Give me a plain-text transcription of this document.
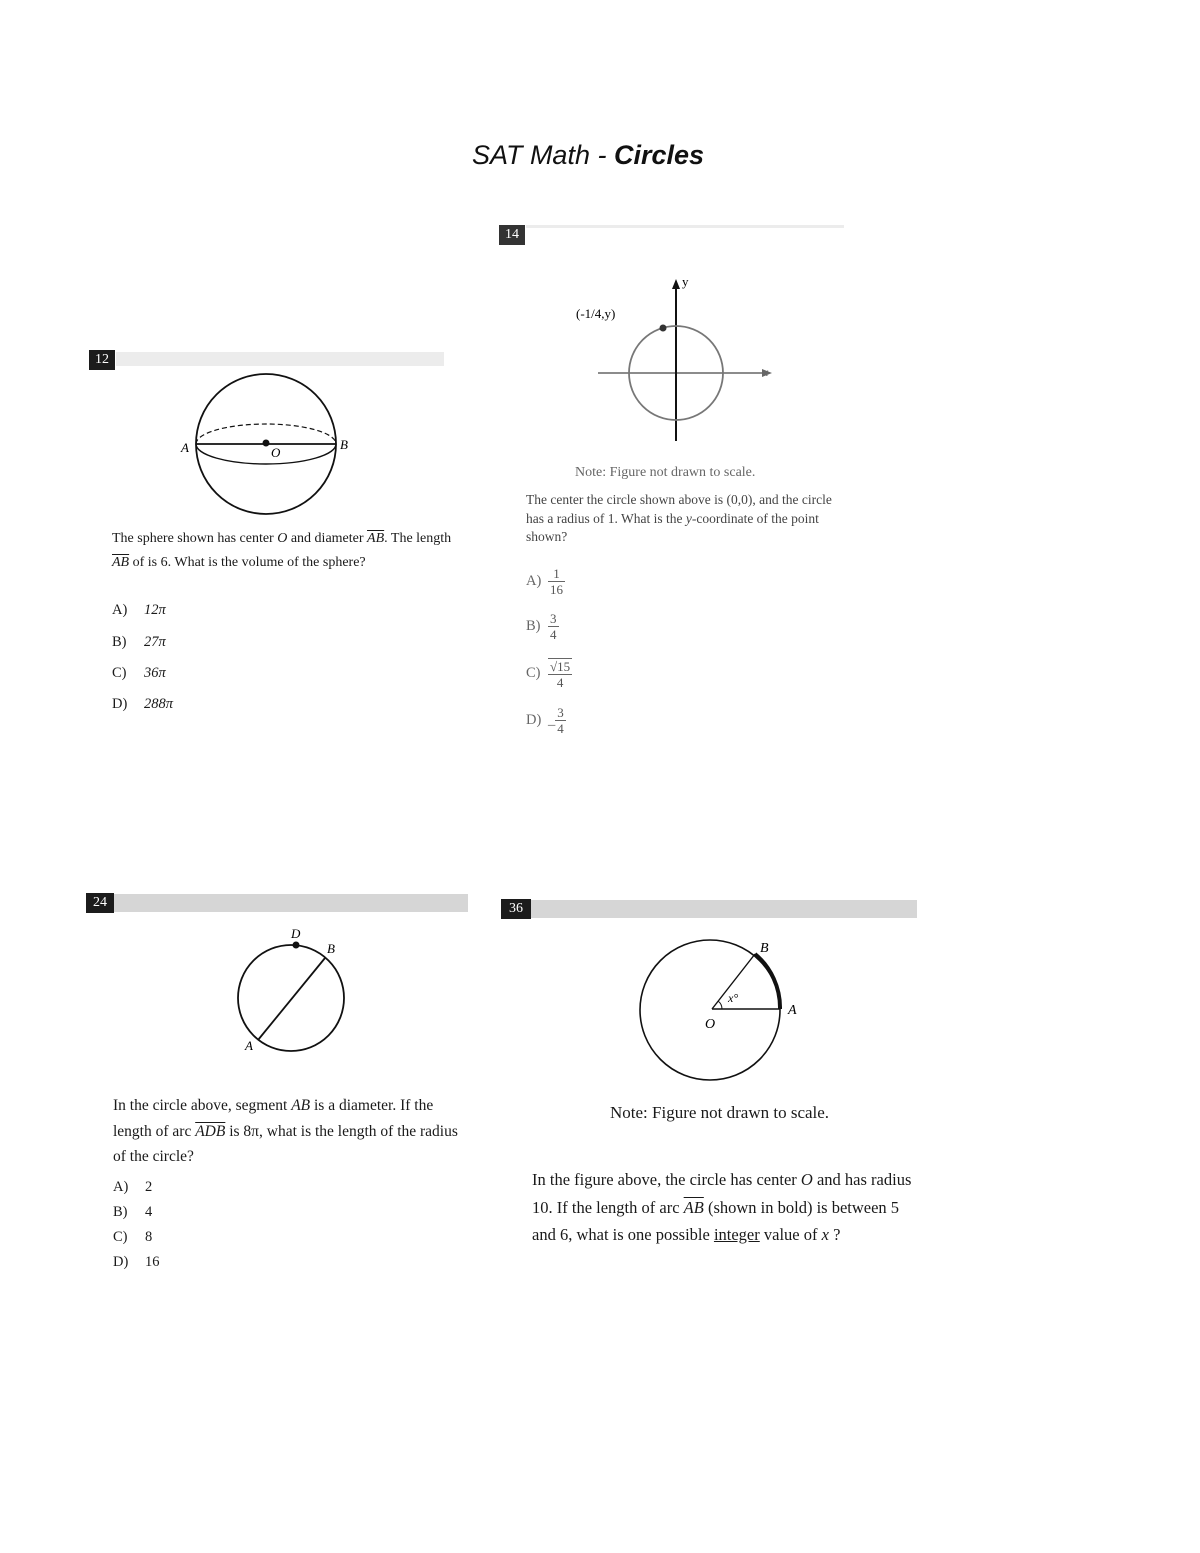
SAT Math - Circles
12
A	B
O
The sphere shown has center O and diameter $\overline{AB}$. The length $\overline{AB}$ of is 6. What is the volume of the sphere?
A) 12π
B) 27π
C) 36π
D) 288π
14
y
x
(-1/4,y)
Note: Figure not drawn to scale.
The center the circle shown above is (0,0), and the circle has a radius of 1. What is the y-coordinate of the point shown?
$A) \frac{1}{16}$
$B) \frac{3}{4}$
$C) \frac{√15}{4}$
D) _ $\frac{3}{4}$
24
D
B
A
In the circle above, segment AB is a diameter. If the length of arc $\overline{ADB}$ is 8π, what is the length of the radius of the circle?
A) 2
B) 4
C) 8
D) 16
36
B
A
O
x°
Note: Figure not drawn to scale.
In the figure above, the circle has center O and has radius 10. If the length of arc $\overline{AB}$ (shown in bold) is between 5 and 6, what is one possible integer value of x ?
